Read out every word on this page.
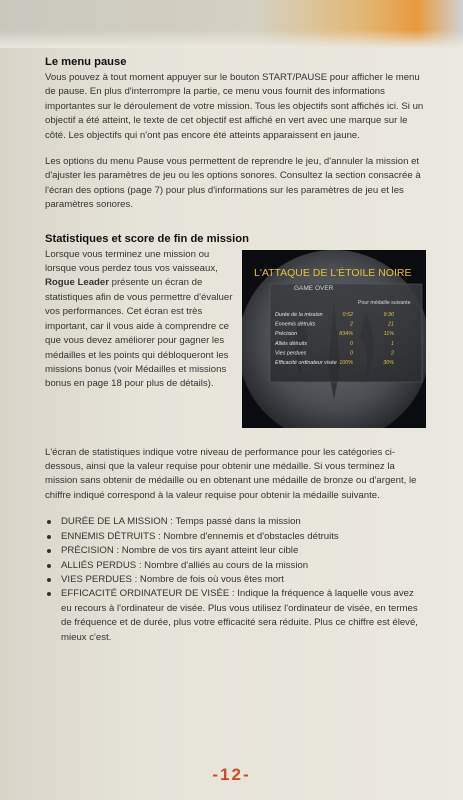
Le menu pause

Vous pouvez à tout moment appuyer sur le bouton START/PAUSE pour afficher le menu de pause. En plus d'interrompre la partie, ce menu vous fournit des informations importantes sur le déroulement de votre mission. Tous les objectifs sont affichés ici. Si un objectif a été atteint, le texte de cet objectif est affiché en vert avec une marque sur le côté. Les objectifs qui n'ont pas encore été atteints apparaissent en jaune.

Les options du menu Pause vous permettent de reprendre le jeu, d'annuler la mission et d'ajuster les paramètres de jeu ou les options sonores. Consultez la section consacrée à l'écran des options (page 7) pour plus d'informations sur les paramètres de jeu et les paramètres sonores.

Statistiques et score de fin de mission
L'ATTAQUE DE L'ÉTOILE NOIRE
GAME OVER
Pour médaille suivante
Durée de la mission	0:52	9:30
Ennemis détruits	2	21
Précision	834%	11%
Alliés détruits	0	1
Vies perdues	0	2
Efficacité ordinateur visée 100%	30%

Lorsque vous terminez une mission ou lorsque vous perdez tous vos vaisseaux, Rogue Leader présente un écran de statistiques afin de vous permettre d'évaluer vos performances. Cet écran est très important, car il vous aide à comprendre ce que vous devez améliorer pour gagner les médailles et les points qui débloqueront les missions bonus (voir Médailles et missions bonus en page 18 pour plus de détails).

L'écran de statistiques indique votre niveau de performance pour les catégories ci-dessous, ainsi que la valeur requise pour obtenir une médaille. Si vous terminez la mission sans obtenir de médaille ou en obtenant une médaille de bronze ou d'argent, le chiffre indiqué correspond à la valeur requise pour obtenir la médaille suivante.

DURÉE DE LA MISSION : Temps passé dans la mission
ENNEMIS DÉTRUITS : Nombre d'ennemis et d'obstacles détruits
PRÉCISION : Nombre de vos tirs ayant atteint leur cible
ALLIÉS PERDUS : Nombre d'alliés au cours de la mission
VIES PERDUES : Nombre de fois où vous êtes mort
EFFICACITÉ ORDINATEUR DE VISÉE : Indique la fréquence à laquelle vous avez eu recours à l'ordinateur de visée. Plus vous utilisez l'ordinateur de visée, en termes de fréquence et de durée, plus votre efficacité sera réduite. Plus ce chiffre est élevé, mieux c'est.
-12-
